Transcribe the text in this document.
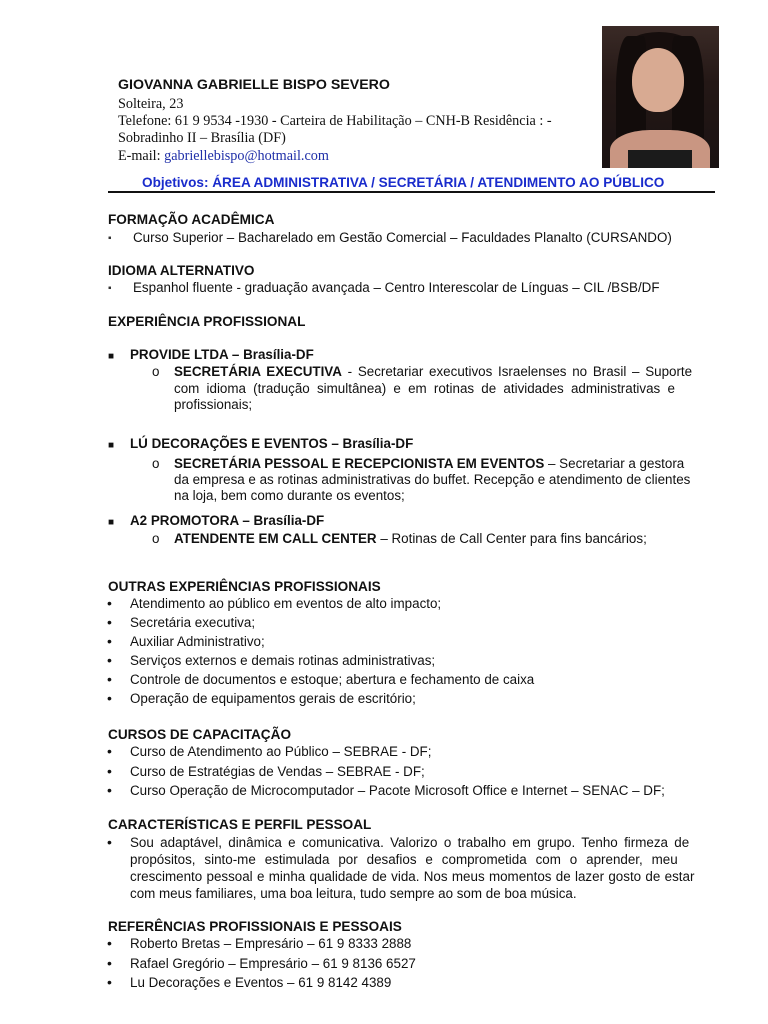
GIOVANNA GABRIELLE BISPO SEVERO
Solteira, 23
Telefone: 61 9 9534 -1930 - Carteira de Habilitação – CNH-B Residência : -
Sobradinho II – Brasília (DF)
E-mail: gabriellebispo@hotmail.com
Objetivos: ÁREA ADMINISTRATIVA / SECRETÁRIA / ATENDIMENTO AO PÚBLICO
FORMAÇÃO ACADÊMICA
▪ Curso Superior – Bacharelado em Gestão Comercial – Faculdades Planalto (CURSANDO)
IDIOMA ALTERNATIVO
▪ Espanhol fluente - graduação avançada – Centro Interescolar de Línguas – CIL /BSB/DF
EXPERIÊNCIA PROFISSIONAL
■ PROVIDE LTDA – Brasília-DF
o SECRETÁRIA EXECUTIVA - Secretariar executivos Israelenses no Brasil – Suporte
com idioma (tradução simultânea) e em rotinas de atividades administrativas e
profissionais;
■ LÚ DECORAÇÕES E EVENTOS – Brasília-DF
o SECRETÁRIA PESSOAL E RECEPCIONISTA EM EVENTOS – Secretariar a gestora
da empresa e as rotinas administrativas do buffet. Recepção e atendimento de clientes
na loja, bem como durante os eventos;
■ A2 PROMOTORA – Brasília-DF
o ATENDENTE EM CALL CENTER – Rotinas de Call Center para fins bancários;
OUTRAS EXPERIÊNCIAS PROFISSIONAIS
• Atendimento ao público em eventos de alto impacto;
• Secretária executiva;
• Auxiliar Administrativo;
• Serviços externos e demais rotinas administrativas;
• Controle de documentos e estoque; abertura e fechamento de caixa
• Operação de equipamentos gerais de escritório;
CURSOS DE CAPACITAÇÃO
• Curso de Atendimento ao Público – SEBRAE - DF;
• Curso de Estratégias de Vendas – SEBRAE - DF;
• Curso Operação de Microcomputador – Pacote Microsoft Office e Internet – SENAC – DF;
CARACTERÍSTICAS E PERFIL PESSOAL
• Sou adaptável, dinâmica e comunicativa. Valorizo o trabalho em grupo. Tenho firmeza de
propósitos, sinto-me estimulada por desafios e comprometida com o aprender, meu
crescimento pessoal e minha qualidade de vida. Nos meus momentos de lazer gosto de estar
com meus familiares, uma boa leitura, tudo sempre ao som de boa música.
REFERÊNCIAS PROFISSIONAIS E PESSOAIS
• Roberto Bretas – Empresário – 61 9 8333 2888
• Rafael Gregório – Empresário – 61 9 8136 6527
• Lu Decorações e Eventos – 61 9 8142 4389
